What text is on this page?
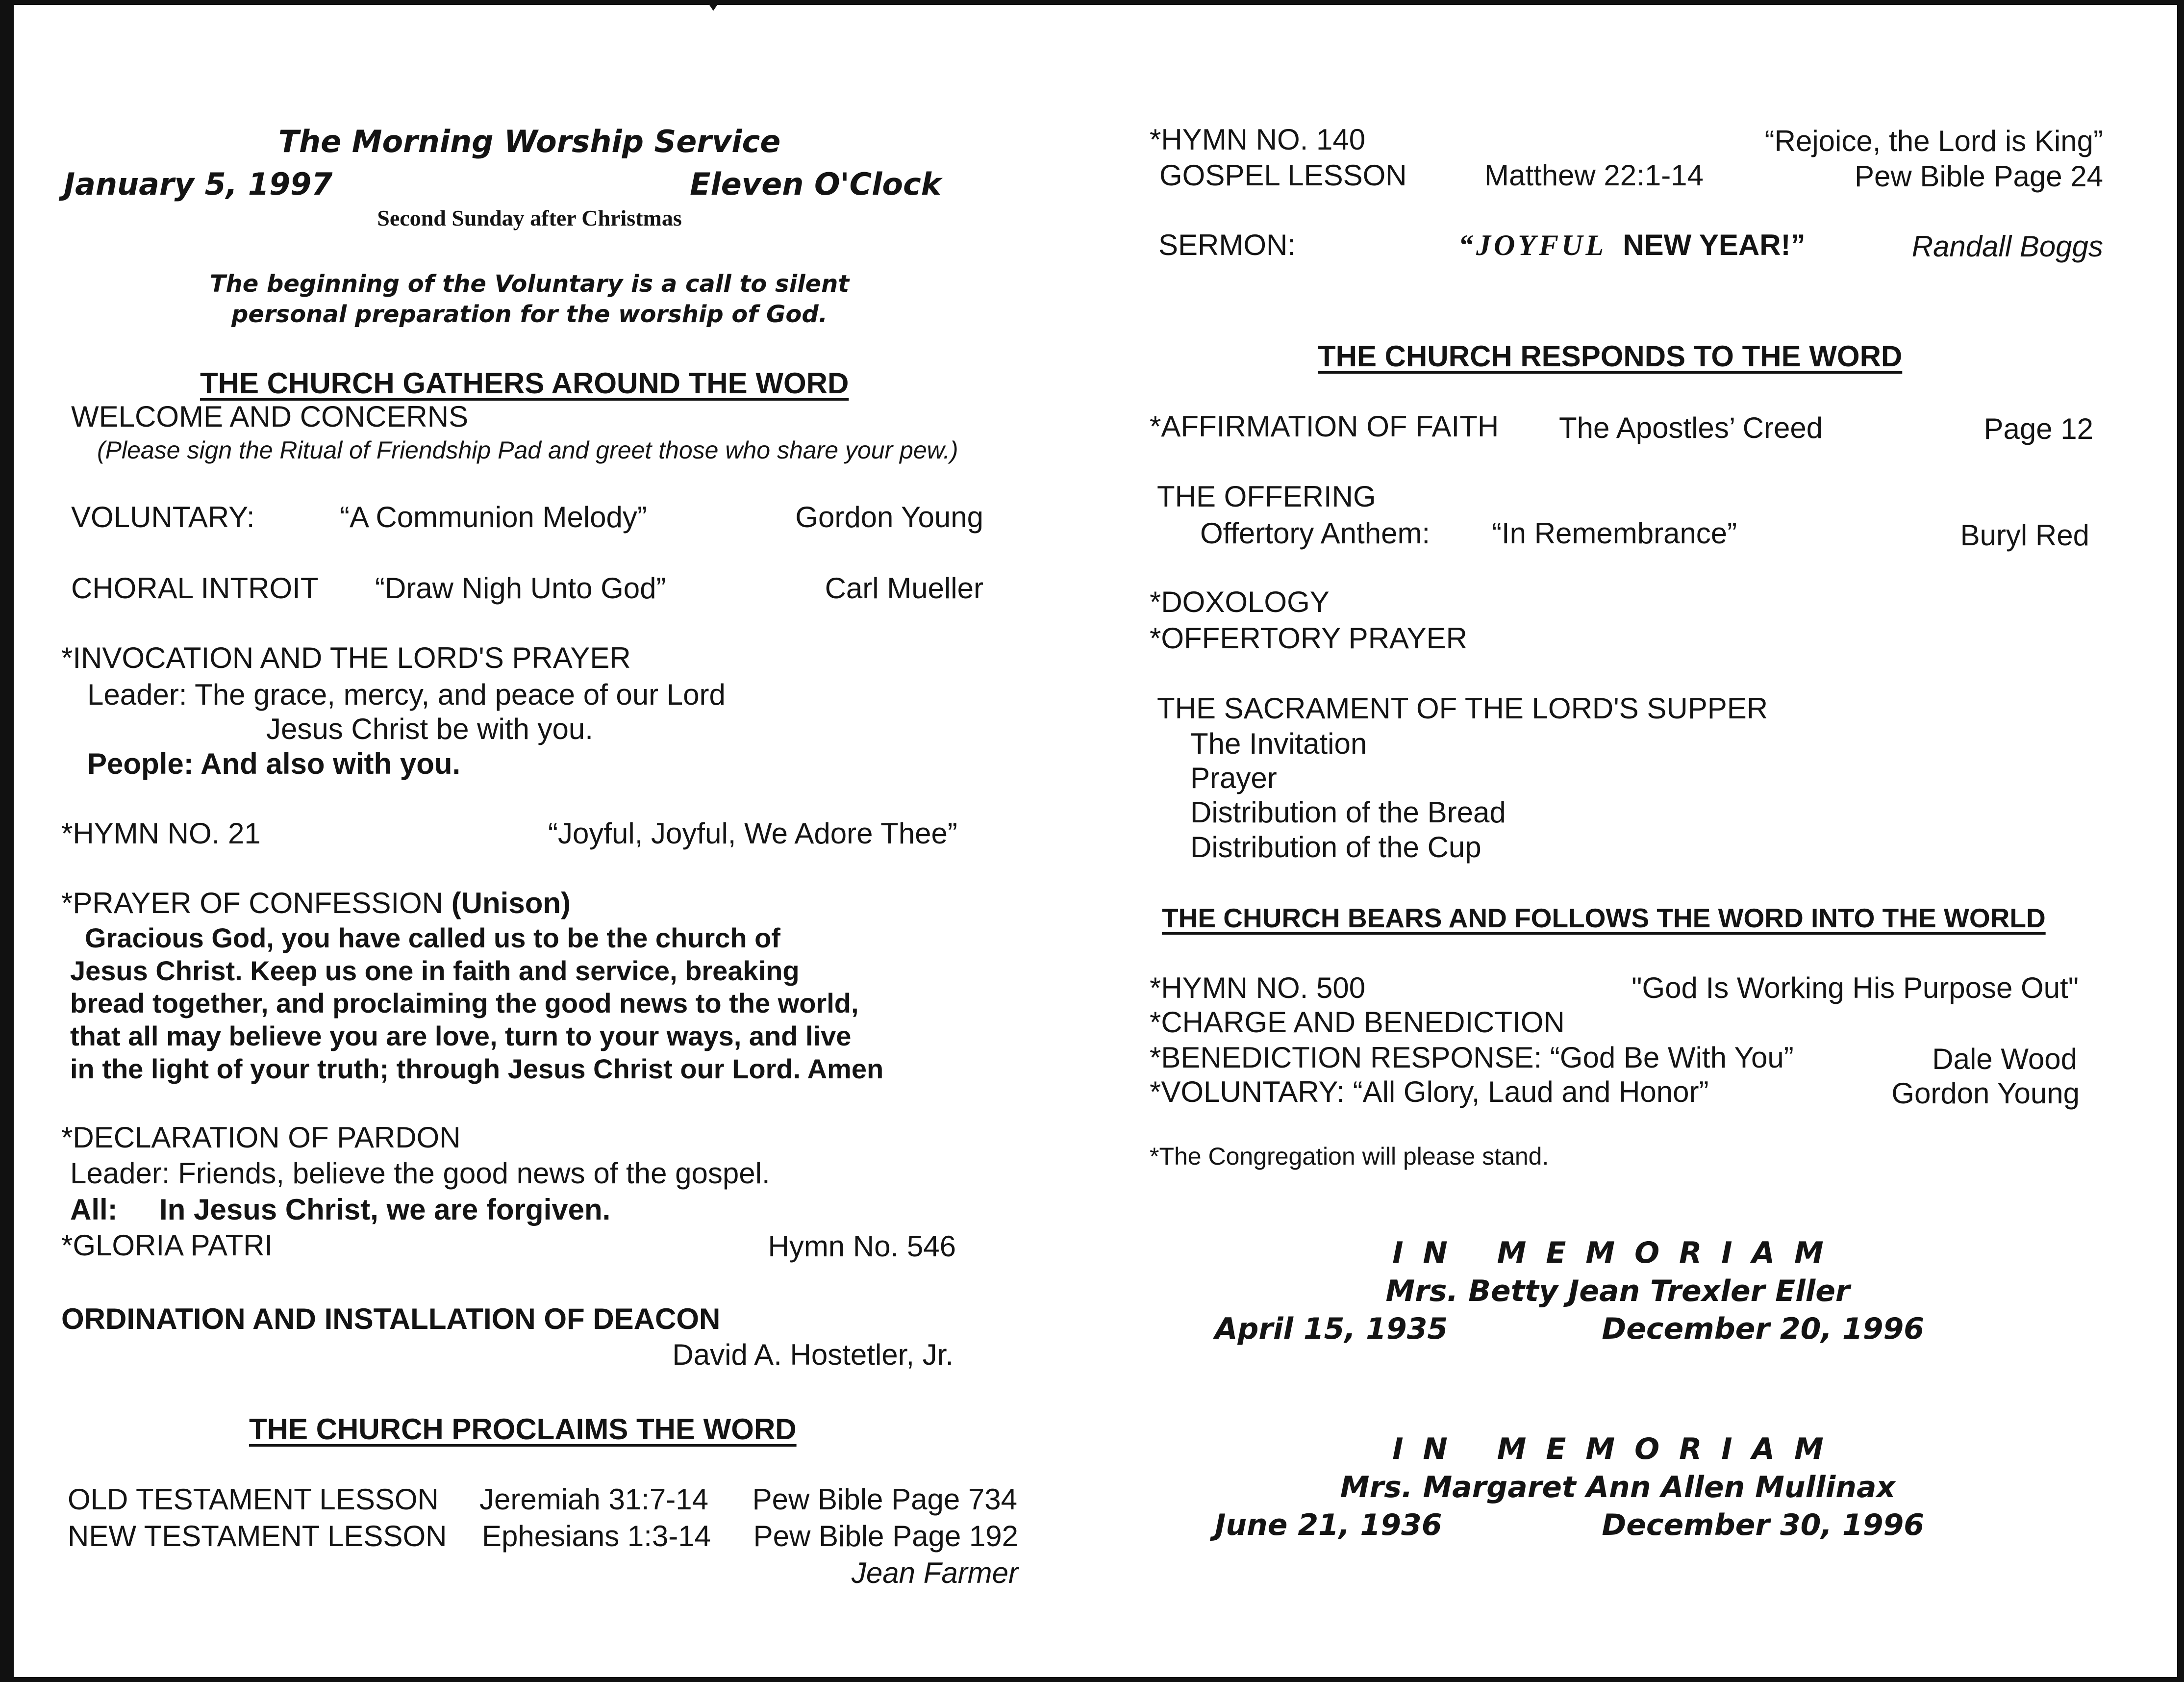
The Morning Worship Service
January 5, 1997	Eleven O'Clock
Second Sunday after Christmas
The beginning of the Voluntary is a call to silent
personal preparation for the worship of God.
THE CHURCH GATHERS AROUND THE WORD
WELCOME AND CONCERNS
(Please sign the Ritual of Friendship Pad and greet those who share your pew.)
VOLUNTARY:	“A Communion Melody”	Gordon Young
CHORAL INTROIT “Draw Nigh Unto God”	Carl Mueller
*INVOCATION AND THE LORD'S PRAYER
Leader: The grace, mercy, and peace of our Lord
Jesus Christ be with you.
People: And also with you.
*HYMN NO. 21	“Joyful, Joyful, We Adore Thee”
*PRAYER OF CONFESSION (Unison)
Gracious God, you have called us to be the church of
Jesus Christ. Keep us one in faith and service, breaking
bread together, and proclaiming the good news to the world,
that all may believe you are love, turn to your ways, and live
in the light of your truth; through Jesus Christ our Lord. Amen
*DECLARATION OF PARDON
Leader: Friends, believe the good news of the gospel.
All: In Jesus Christ, we are forgiven.
*GLORIA PATRI	Hymn No. 546
ORDINATION AND INSTALLATION OF DEACON
David A. Hostetler, Jr.
THE CHURCH PROCLAIMS THE WORD
OLD TESTAMENT LESSON Jeremiah 31:7-14	Pew Bible Page 734
NEW TESTAMENT LESSON Ephesians 1:3-14	Pew Bible Page 192
Jean Farmer
*HYMN NO. 140	“Rejoice, the Lord is King”
GOSPEL LESSON	Matthew 22:1-14	Pew Bible Page 24
SERMON:	“JOYFUL NEW YEAR!”	Randall Boggs
THE CHURCH RESPONDS TO THE WORD
*AFFIRMATION OF FAITH The Apostles’ Creed	Page 12
THE OFFERING
Offertory Anthem: “In Remembrance”	Buryl Red
*DOXOLOGY
*OFFERTORY PRAYER
THE SACRAMENT OF THE LORD'S SUPPER
The Invitation
Prayer
Distribution of the Bread
Distribution of the Cup
THE CHURCH BEARS AND FOLLOWS THE WORD INTO THE WORLD
*HYMN NO. 500	"God Is Working His Purpose Out"
*CHARGE AND BENEDICTION
*BENEDICTION RESPONSE: “God Be With You”	Dale Wood
*VOLUNTARY: “All Glory, Laud and Honor”	Gordon Young
*The Congregation will please stand.
IN MEMORIAM
Mrs. Betty Jean Trexler Eller
April 15, 1935	December 20, 1996
IN MEMORIAM
Mrs. Margaret Ann Allen Mullinax
June 21, 1936	December 30, 1996
